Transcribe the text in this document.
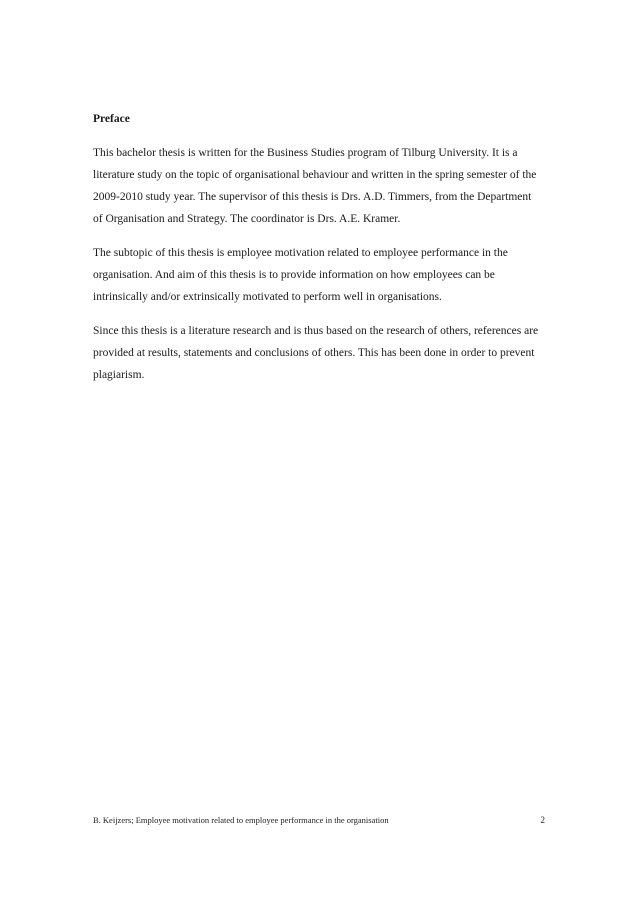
Preface

This bachelor thesis is written for the Business Studies program of Tilburg University. It is a
literature study on the topic of organisational behaviour and written in the spring semester of the
2009-2010 study year. The supervisor of this thesis is Drs. A.D. Timmers, from the Department
of Organisation and Strategy. The coordinator is Drs. A.E. Kramer.

The subtopic of this thesis is employee motivation related to employee performance in the
organisation. And aim of this thesis is to provide information on how employees can be
intrinsically and/or extrinsically motivated to perform well in organisations.

Since this thesis is a literature research and is thus based on the research of others, references are
provided at results, statements and conclusions of others. This has been done in order to prevent
plagiarism.

B. Keijzers; Employee motivation related to employee performance in the organisation	2
